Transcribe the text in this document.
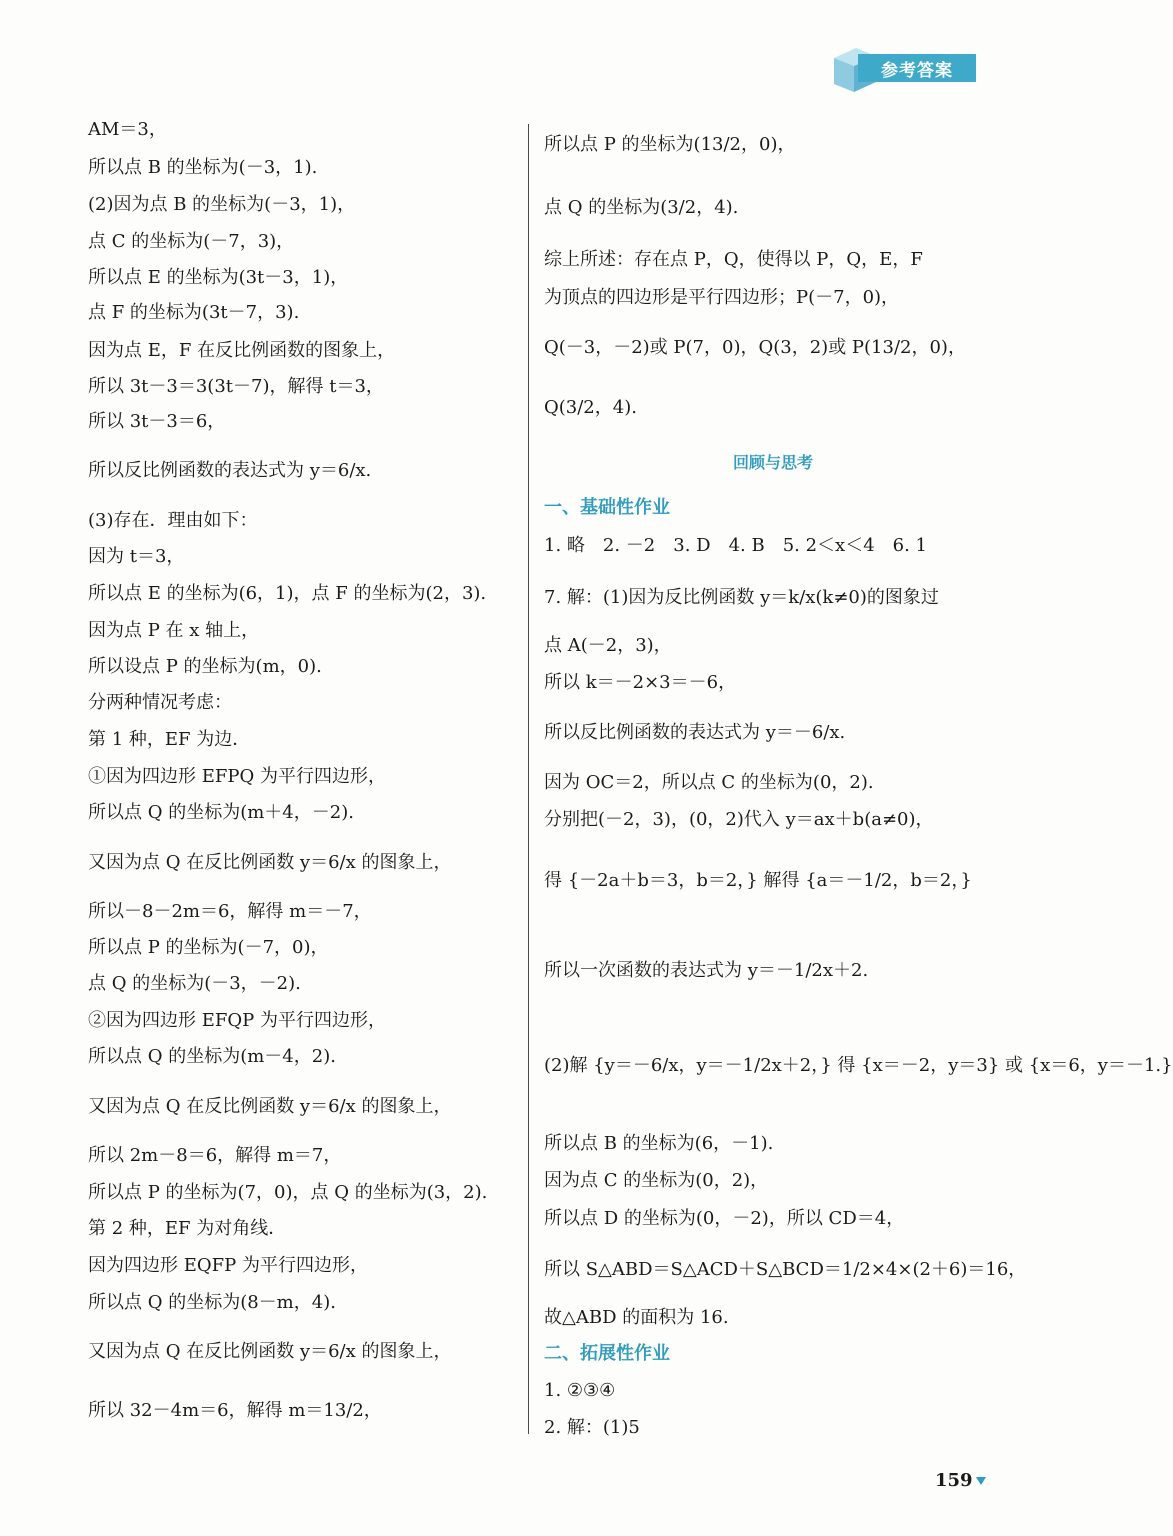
参考答案
AM＝3，
所以点 B 的坐标为(－3，1).
(2)因为点 B 的坐标为(－3，1)，
点 C 的坐标为(－7，3)，
所以点 E 的坐标为(3t－3，1)，
点 F 的坐标为(3t－7，3).
因为点 E，F 在反比例函数的图象上，
所以 3t－3＝3(3t－7)，解得 t＝3，
所以 3t－3＝6，
所以反比例函数的表达式为 y＝6/x.
(3)存在．理由如下：
因为 t＝3，
所以点 E 的坐标为(6，1)，点 F 的坐标为(2，3).
因为点 P 在 x 轴上，
所以设点 P 的坐标为(m，0).
分两种情况考虑：
第 1 种，EF 为边．
①因为四边形 EFPQ 为平行四边形，
所以点 Q 的坐标为(m＋4，－2).
又因为点 Q 在反比例函数 y＝6/x 的图象上，
所以－8－2m＝6，解得 m＝－7，
所以点 P 的坐标为(－7，0)，
点 Q 的坐标为(－3，－2).
②因为四边形 EFQP 为平行四边形，
所以点 Q 的坐标为(m－4，2).
又因为点 Q 在反比例函数 y＝6/x 的图象上，
所以 2m－8＝6，解得 m＝7，
所以点 P 的坐标为(7，0)，点 Q 的坐标为(3，2).
第 2 种，EF 为对角线．
因为四边形 EQFP 为平行四边形，
所以点 Q 的坐标为(8－m，4).
又因为点 Q 在反比例函数 y＝6/x 的图象上，
所以 32－4m＝6，解得 m＝13/2，
所以点 P 的坐标为(13/2，0)，
点 Q 的坐标为(3/2，4).
综上所述：存在点 P，Q，使得以 P，Q，E，F
为顶点的四边形是平行四边形；P(－7，0)，
Q(－3，－2)或 P(7，0)，Q(3，2)或 P(13/2，0)，
Q(3/2，4).
一、基础性作业
1. 略　2. －2　3. D　4. B　5. 2＜x＜4　6. 1
7. 解：(1)因为反比例函数 y＝k/x(k≠0)的图象过
点 A(－2，3)，
所以 k＝－2×3＝－6，
所以反比例函数的表达式为 y＝－6/x.
因为 OC＝2，所以点 C 的坐标为(0，2).
分别把(－2，3)，(0，2)代入 y＝ax＋b(a≠0)，
得 {－2a＋b＝3，b＝2，} 解得 {a＝－1/2，b＝2，}
所以一次函数的表达式为 y＝－1/2x＋2.
(2)解 {y＝－6/x，y＝－1/2x＋2，} 得 {x＝－2，y＝3} 或 {x＝6，y＝－1.}
所以点 B 的坐标为(6，－1).
因为点 C 的坐标为(0，2)，
所以点 D 的坐标为(0，－2)，所以 CD＝4，
所以 S△ABD＝S△ACD＋S△BCD＝1/2×4×(2＋6)＝16，
故△ABD 的面积为 16.
二、拓展性作业
1. ②③④
2. 解：(1)5
回顾与思考
159
